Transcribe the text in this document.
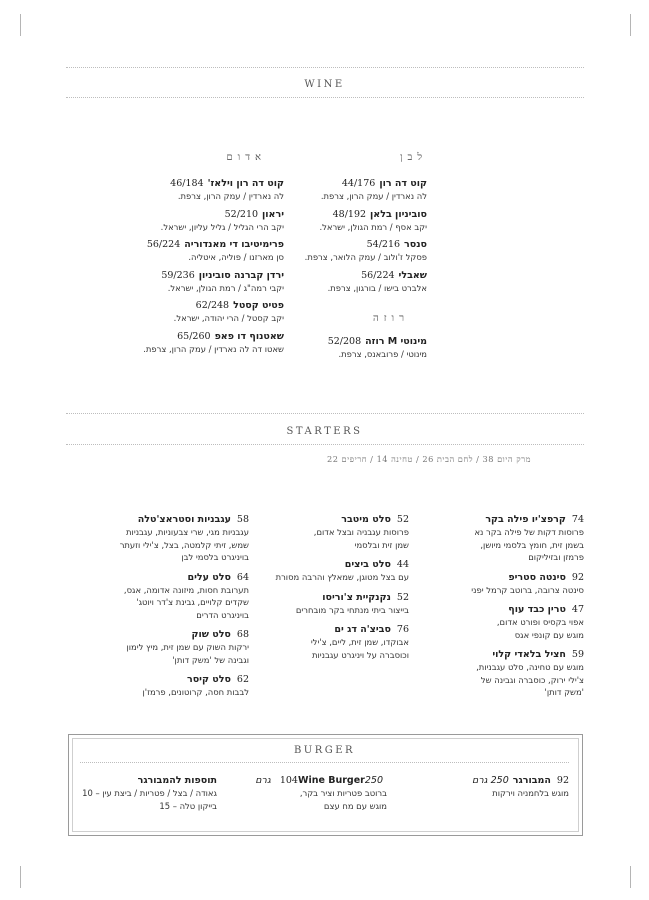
WINE
לבן
אדום
קוט דה רון44/176
לה נארדין / עמק הרון, צרפת.
סוביניון בלאן48/192
יקב אסף / רמת הגולן, ישראל.
סנסר54/216
פסקל ז'ולוב / עמק הלואר, צרפת.
שאבלי56/224
אלברט בישו / בורגון, צרפת.
רוזה
מינוטי M רוזה52/208
מינוטי / פרובאנס, צרפת.
קוט דה רון וילאז'46/184
לה נארדין / עמק הרון, צרפת.
יראון52/210
יקב הרי הגליל / גליל עליון, ישראל.
פרימיטיבו די מאנדוריה56/224
סן מארזנו / פוליה, איטליה.
ירדן קברנה סוביניון59/236
יקבי רמה"ג / רמת הגולן, ישראל.
פטיט קסטל62/248
יקב קסטל / הרי יהודה, ישראל.
שאטנוף דו פאפ65/260
שאטו דה לה נארדין / עמק הרון, צרפת.
STARTERS
מרק היום 38 / לחם הבית 26 / טחינה 14 / חריפים 22
74קרפצ'יו פילה בקר
פרוסות דקות של פילה בקר נא
בשמן זית, חומץ בלסמי מיושן,
פרמזן ובזיליקום
92סינטה סטריפ
סינטה צרובה, ברוטב קרמל יפני
47טרין כבד עוף
אפוי בקסיס ופורט אדום,
מוגש עם קונפי אגס
59חציל בלאדי קלוי
מוגש עם טחינה, סלט עגבניות,
צ'ילי ירוק, כוסברה וגבינה של
'משק דותן'
52סלט מיטבר
פרוסות עגבניה ובצל אדום,
שמן זית ובלסמי
44סלט ביצים
עם בצל מטוגן, שמאלץ והרבה מסורת
52נקנקיית צ'וריסו
בייצור ביתי מנתחי בקר מובחרים
76סביצ'ה דג ים
אבוקדו, שמן זית, ליים, צ'ילי
וכוסברה על ויניגרט עגבניות
58עגבניות וסטראצ'טלה
עגבניות מגי, שרי צבעוניות, עגבניות
שמש, זיתי קלמטה, בצל, צ'ילי וזעתר
בויניגרט בלסמי לבן
64סלט עלים
תערובת חסות, מיזונה אדומה, אגס,
שקדים קלויים, גבינת צ'דר ויוטג'
בויניגרט הדרים
68סלט שוק
ירקות השוק עם שמן זית, מיץ לימון
וגבינה של 'משק דותן'
62סלט קיסר
לבבות חסה, קרוטונים, פרמז'ן
BURGER
92המבורגר250 גרם
מוגש בלחמניה וירקות
104Wine Burger250 גרם
ברוטב פטריות וציר בקר,
מוגש עם מח עצם
תוספות להמבורגר
גאודה / בצל / פטריות / ביצת עין – 10
בייקון טלה – 15
